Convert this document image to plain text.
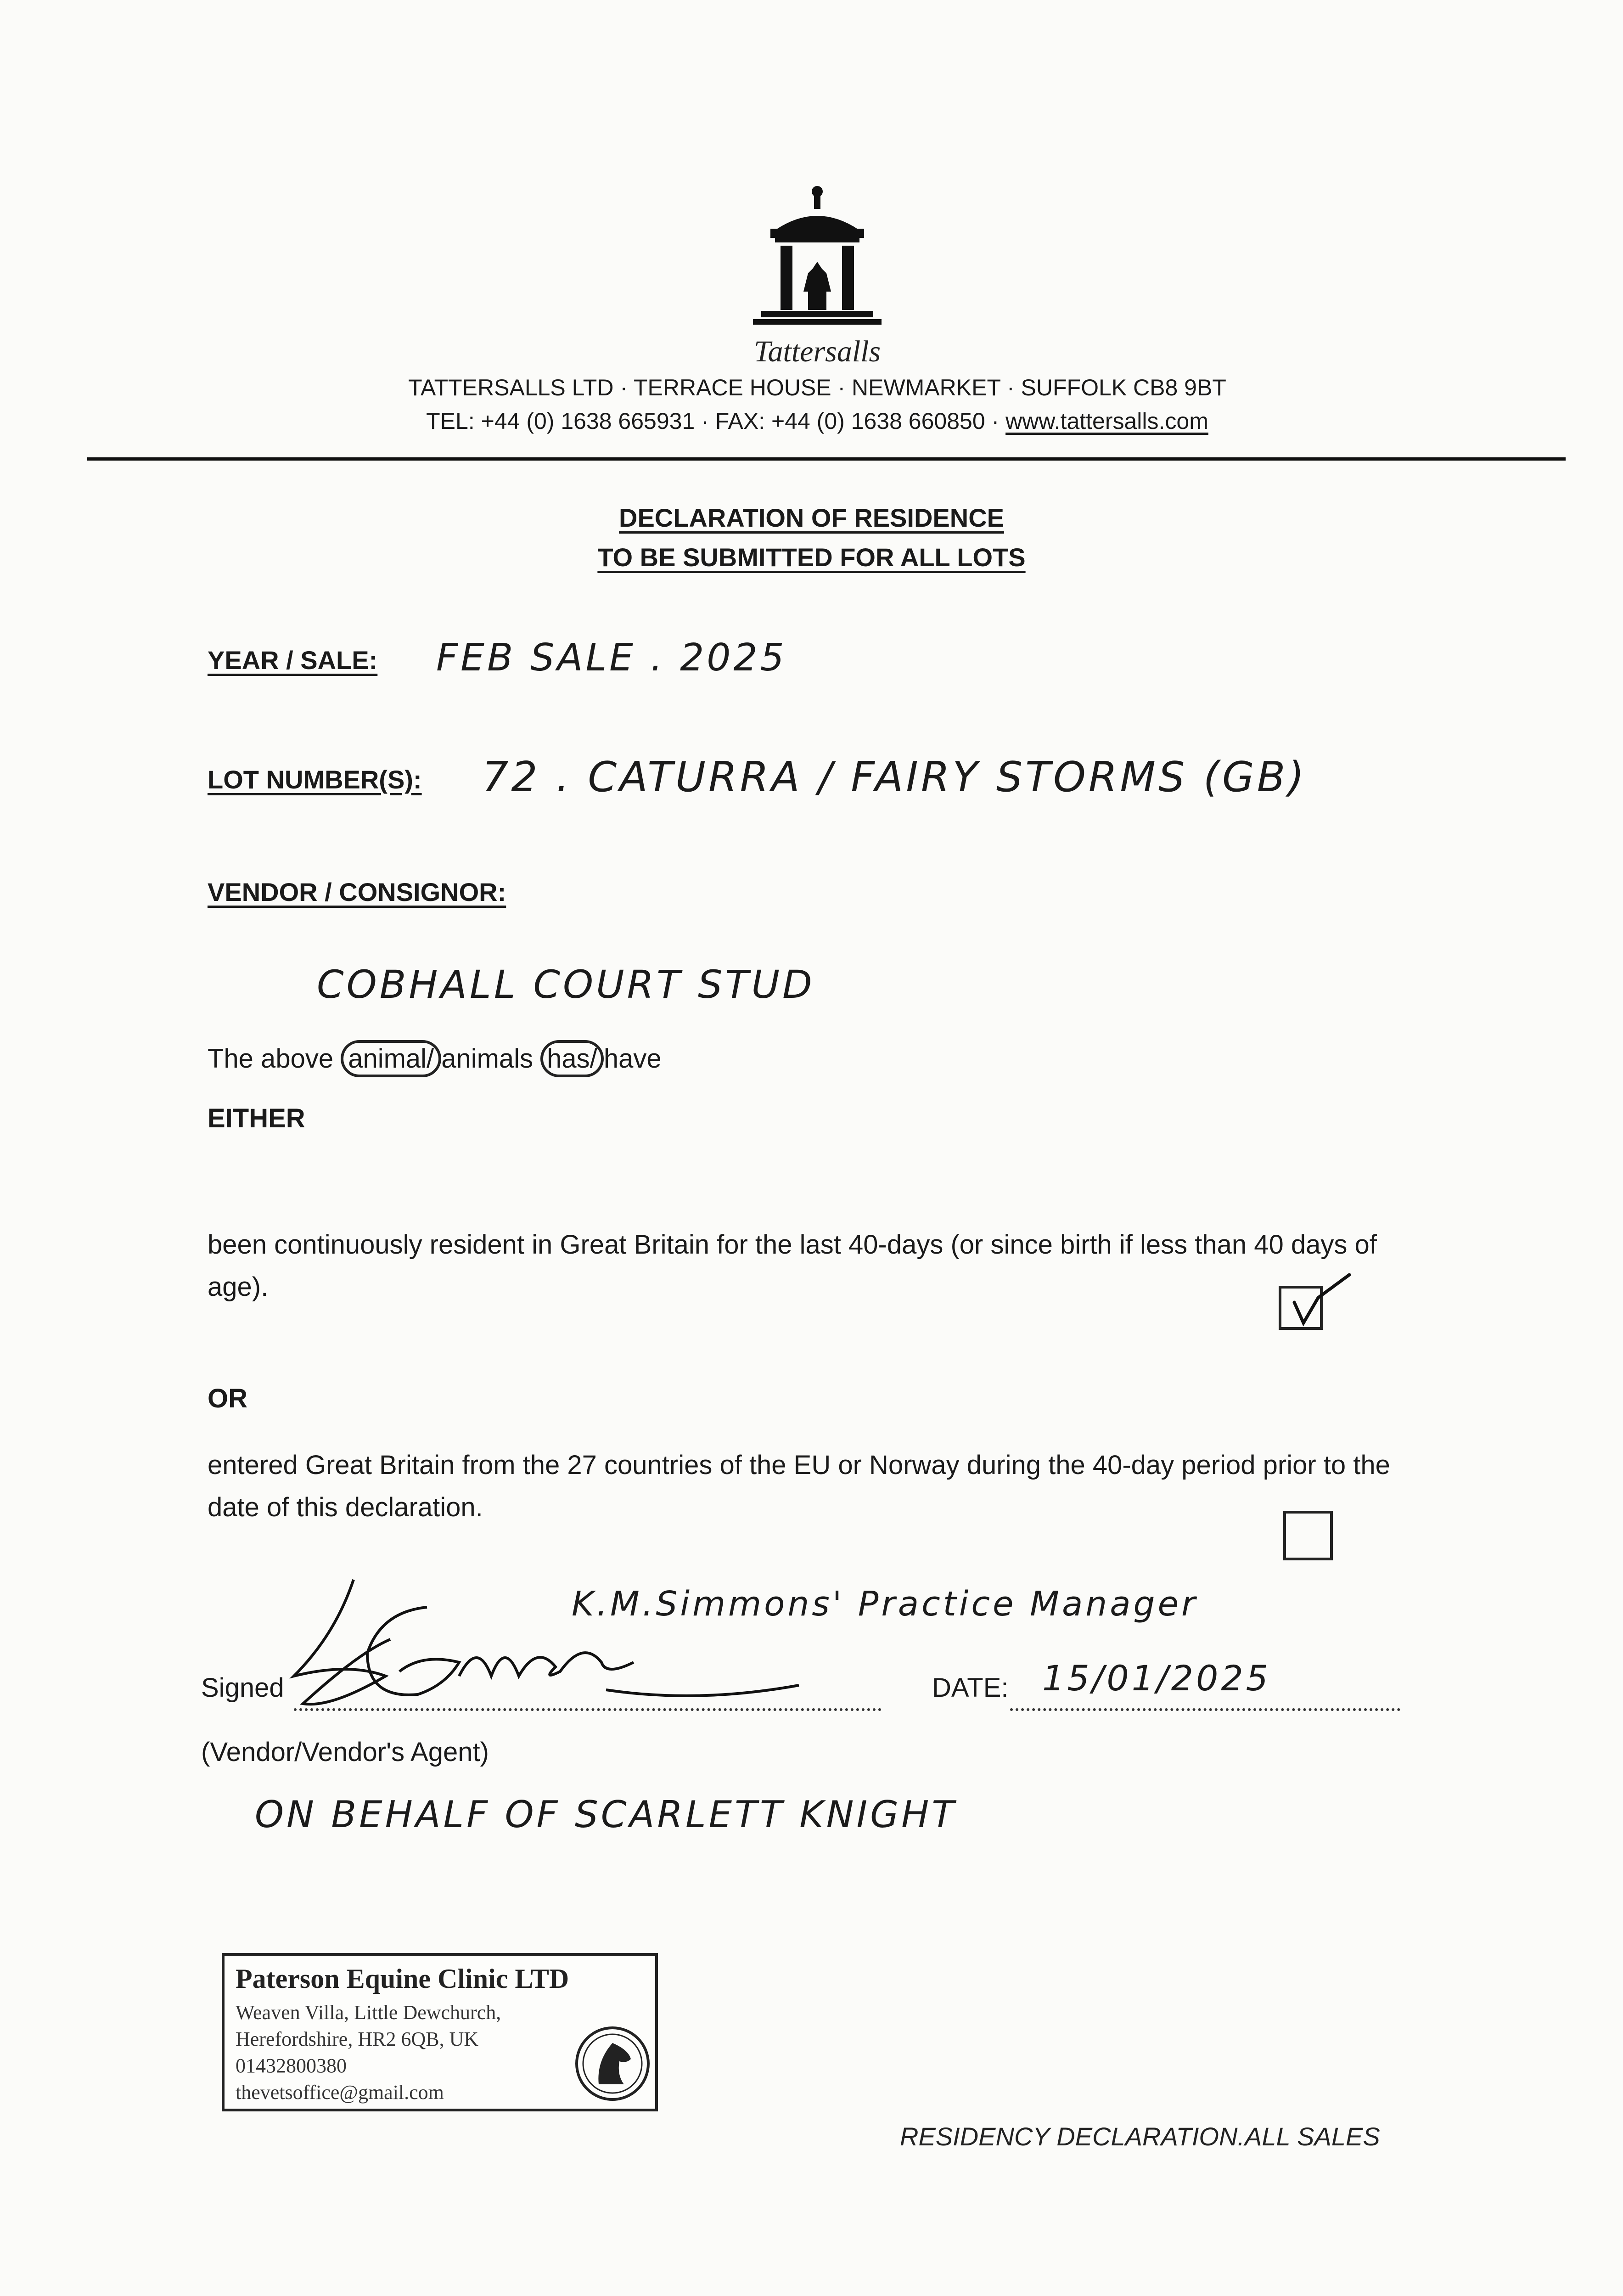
Tattersalls
TATTERSALLS LTD · TERRACE HOUSE · NEWMARKET · SUFFOLK CB8 9BT
TEL: +44 (0) 1638 665931 · FAX: +44 (0) 1638 660850 · www.tattersalls.com
DECLARATION OF RESIDENCE
TO BE SUBMITTED FOR ALL LOTS
YEAR / SALE: FEB SALE . 2025
LOT NUMBER(S): 72 . CATURRA / FAIRY STORMS (GB)
VENDOR / CONSIGNOR:
COBHALL COURT STUD
The above animal/ animals has/ have
EITHER
been continuously resident in Great Britain for the last 40-days (or since birth if less than 40 days of age).
OR
entered Great Britain from the 27 countries of the EU or Norway during the 40-day period prior to the date of this declaration.
K.M.Simmons' Practice Manager
Signed	DATE: 15/01/2025
(Vendor/Vendor's Agent)
ON BEHALF OF SCARLETT KNIGHT
Paterson Equine Clinic LTD
Weaven Villa, Little Dewchurch,
Herefordshire, HR2 6QB, UK
01432800380
thevetsoffice@gmail.com
RESIDENCY DECLARATION.ALL SALES
